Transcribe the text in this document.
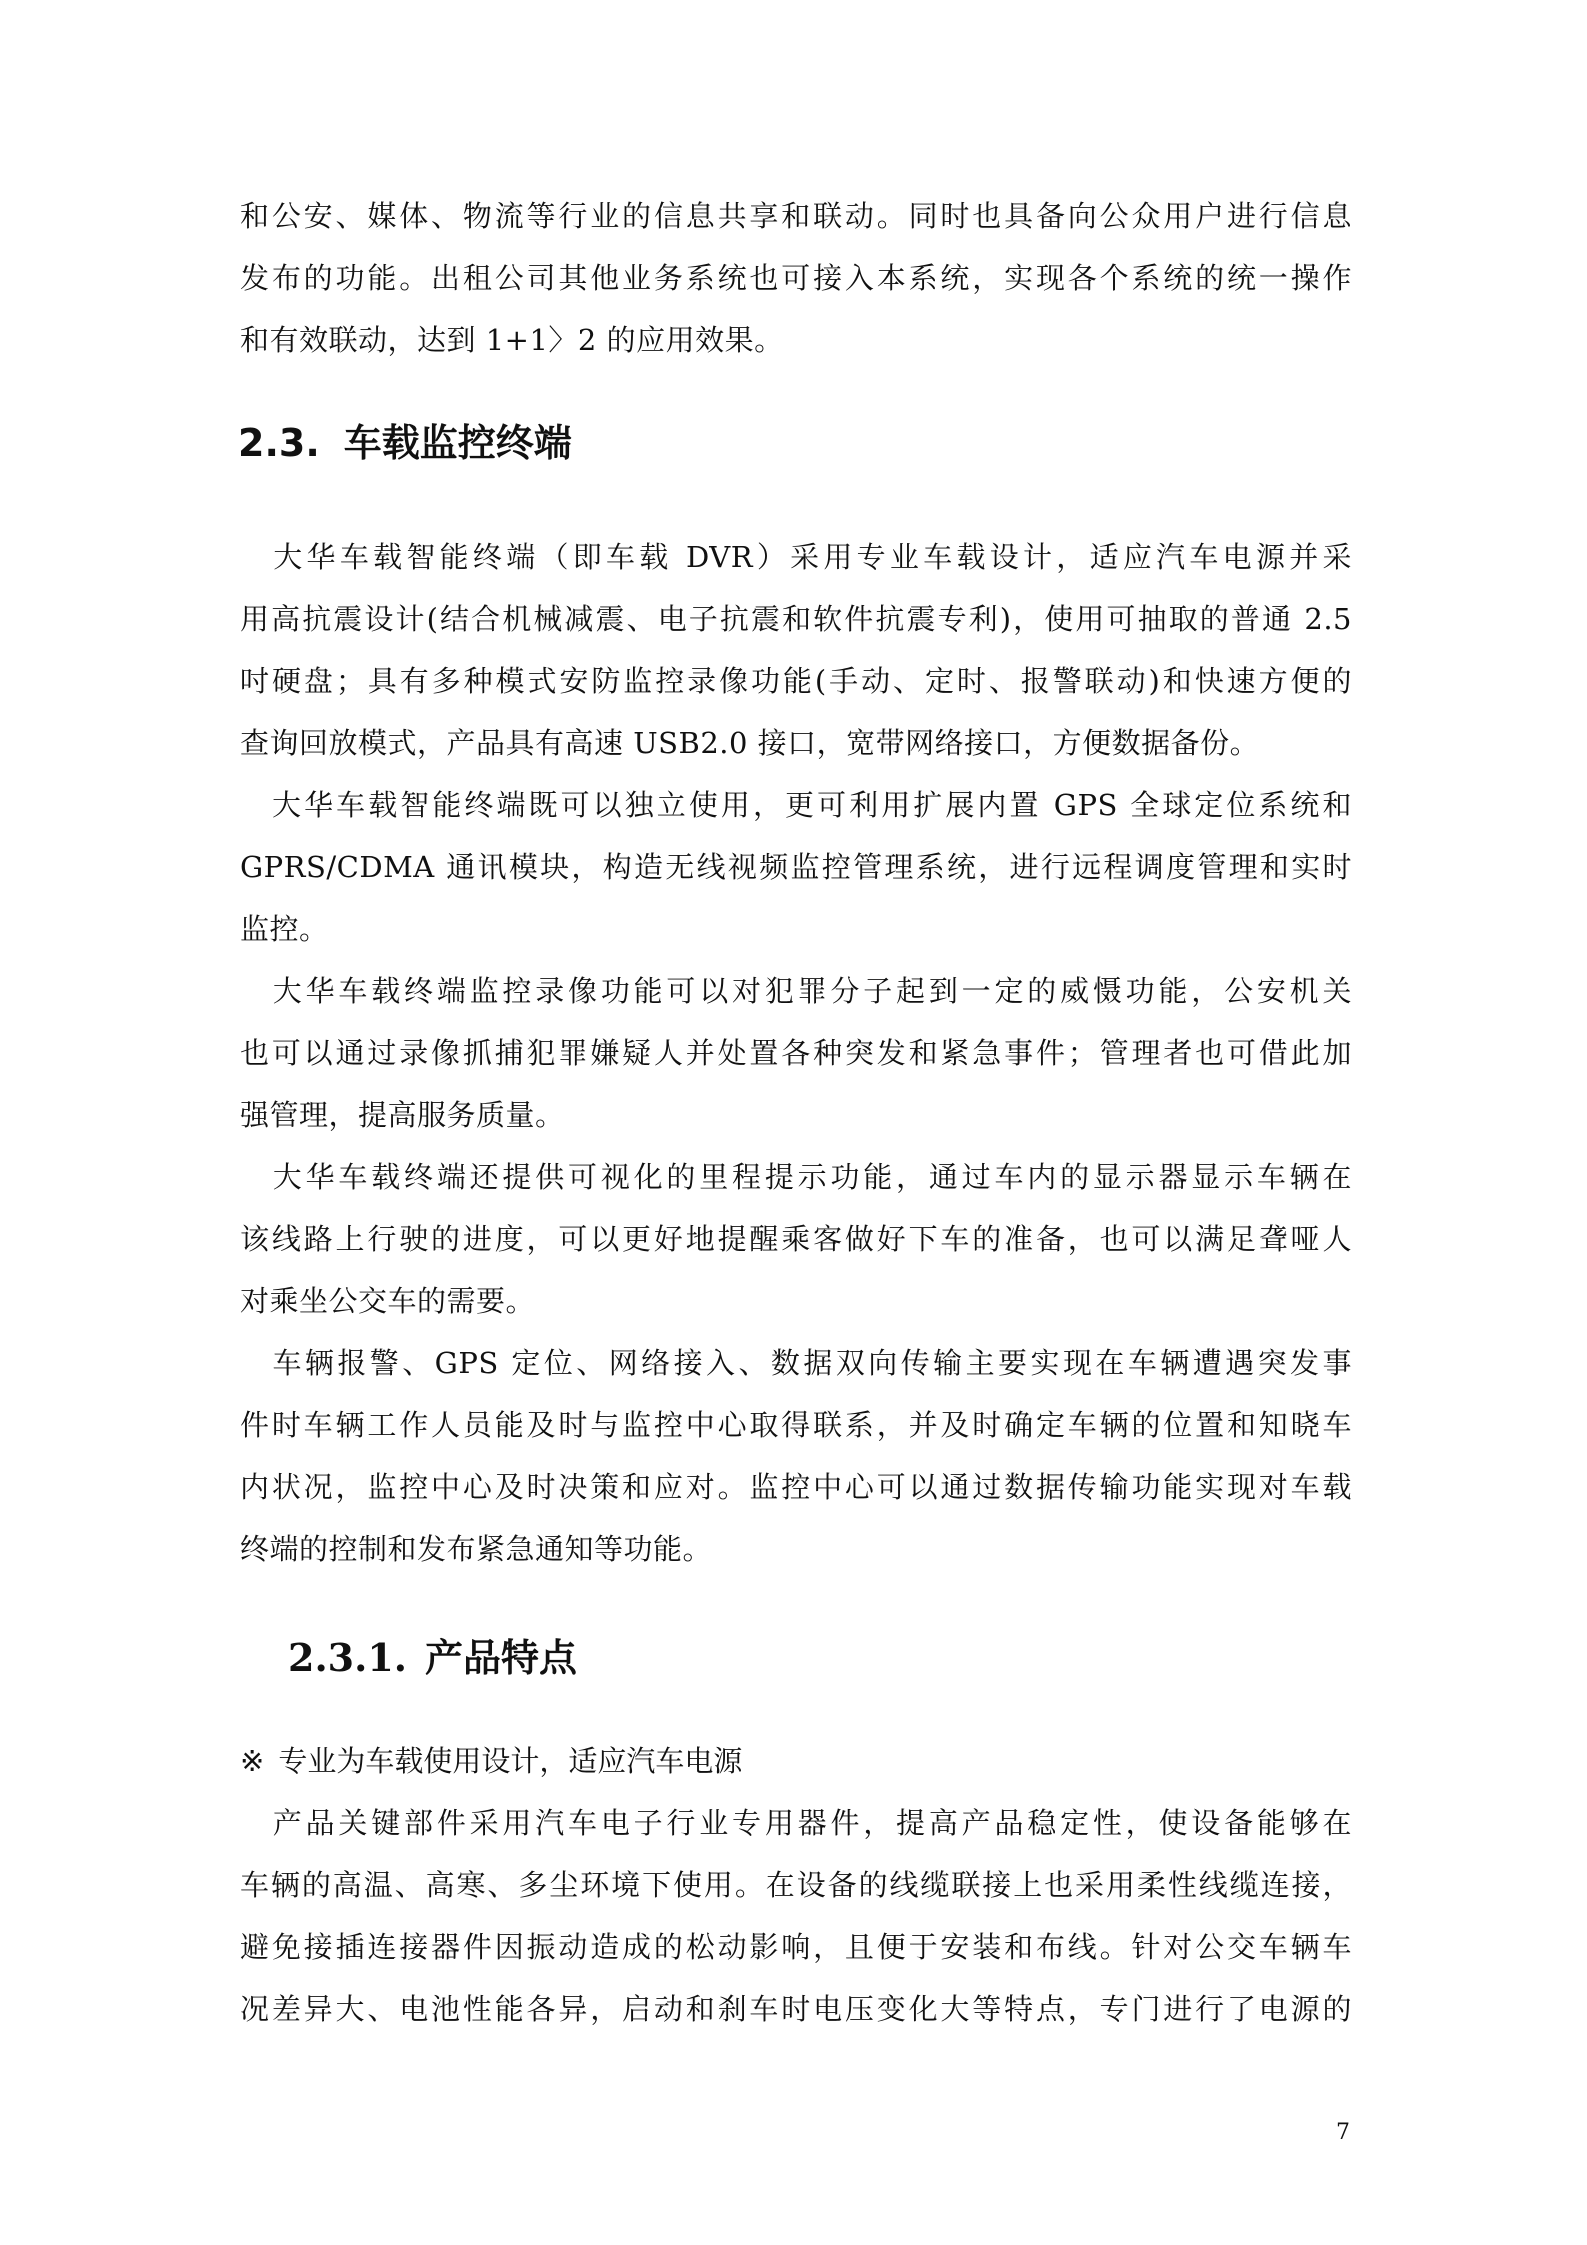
和公安、媒体、物流等行业的信息共享和联动。同时也具备向公众用户进行信息
发布的功能。出租公司其他业务系统也可接入本系统，实现各个系统的统一操作
和有效联动，达到 1+1〉2 的应用效果。
2.3. 车载监控终端
　大华车载智能终端（即车载 DVR）采用专业车载设计，适应汽车电源并采
用高抗震设计(结合机械减震、电子抗震和软件抗震专利)，使用可抽取的普通 2.5
吋硬盘；具有多种模式安防监控录像功能(手动、定时、报警联动)和快速方便的
查询回放模式，产品具有高速 USB2.0 接口，宽带网络接口，方便数据备份。
　大华车载智能终端既可以独立使用，更可利用扩展内置 GPS 全球定位系统和
GPRS/CDMA 通讯模块，构造无线视频监控管理系统，进行远程调度管理和实时
监控。
　大华车载终端监控录像功能可以对犯罪分子起到一定的威慑功能，公安机关
也可以通过录像抓捕犯罪嫌疑人并处置各种突发和紧急事件；管理者也可借此加
强管理，提高服务质量。
　大华车载终端还提供可视化的里程提示功能，通过车内的显示器显示车辆在
该线路上行驶的进度，可以更好地提醒乘客做好下车的准备，也可以满足聋哑人
对乘坐公交车的需要。
　车辆报警、GPS 定位、网络接入、数据双向传输主要实现在车辆遭遇突发事
件时车辆工作人员能及时与监控中心取得联系，并及时确定车辆的位置和知晓车
内状况，监控中心及时决策和应对。监控中心可以通过数据传输功能实现对车载
终端的控制和发布紧急通知等功能。
2.3.1. 产品特点
※ 专业为车载使用设计，适应汽车电源
　产品关键部件采用汽车电子行业专用器件，提高产品稳定性，使设备能够在
车辆的高温、高寒、多尘环境下使用。在设备的线缆联接上也采用柔性线缆连接，
避免接插连接器件因振动造成的松动影响，且便于安装和布线。针对公交车辆车
况差异大、电池性能各异，启动和刹车时电压变化大等特点，专门进行了电源的
7
